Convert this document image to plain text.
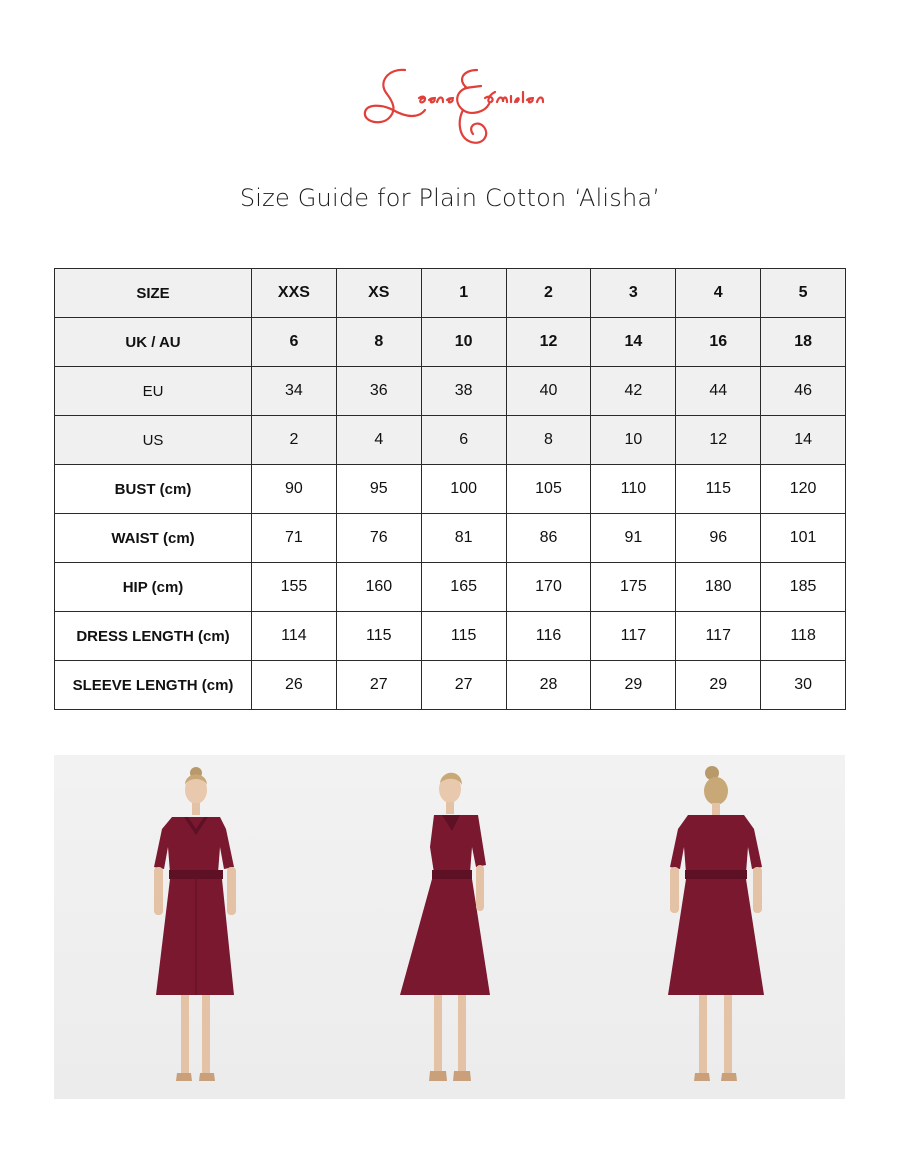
Size Guide for Plain Cotton ‘Alisha’
SIZE	XXS	XS	1	2	3	4	5
UK / AU	6	8	10	12	14	16	18
EU	34	36	38	40	42	44	46
US	2	4	6	8	10	12	14
BUST (cm)	90	95	100	105	110	115	120
WAIST (cm)	71	76	81	86	91	96	101
HIP (cm)	155	160	165	170	175	180	185
DRESS LENGTH (cm)	114	115	115	116	117	117	118
SLEEVE LENGTH (cm)	26	27	27	28	29	29	30
